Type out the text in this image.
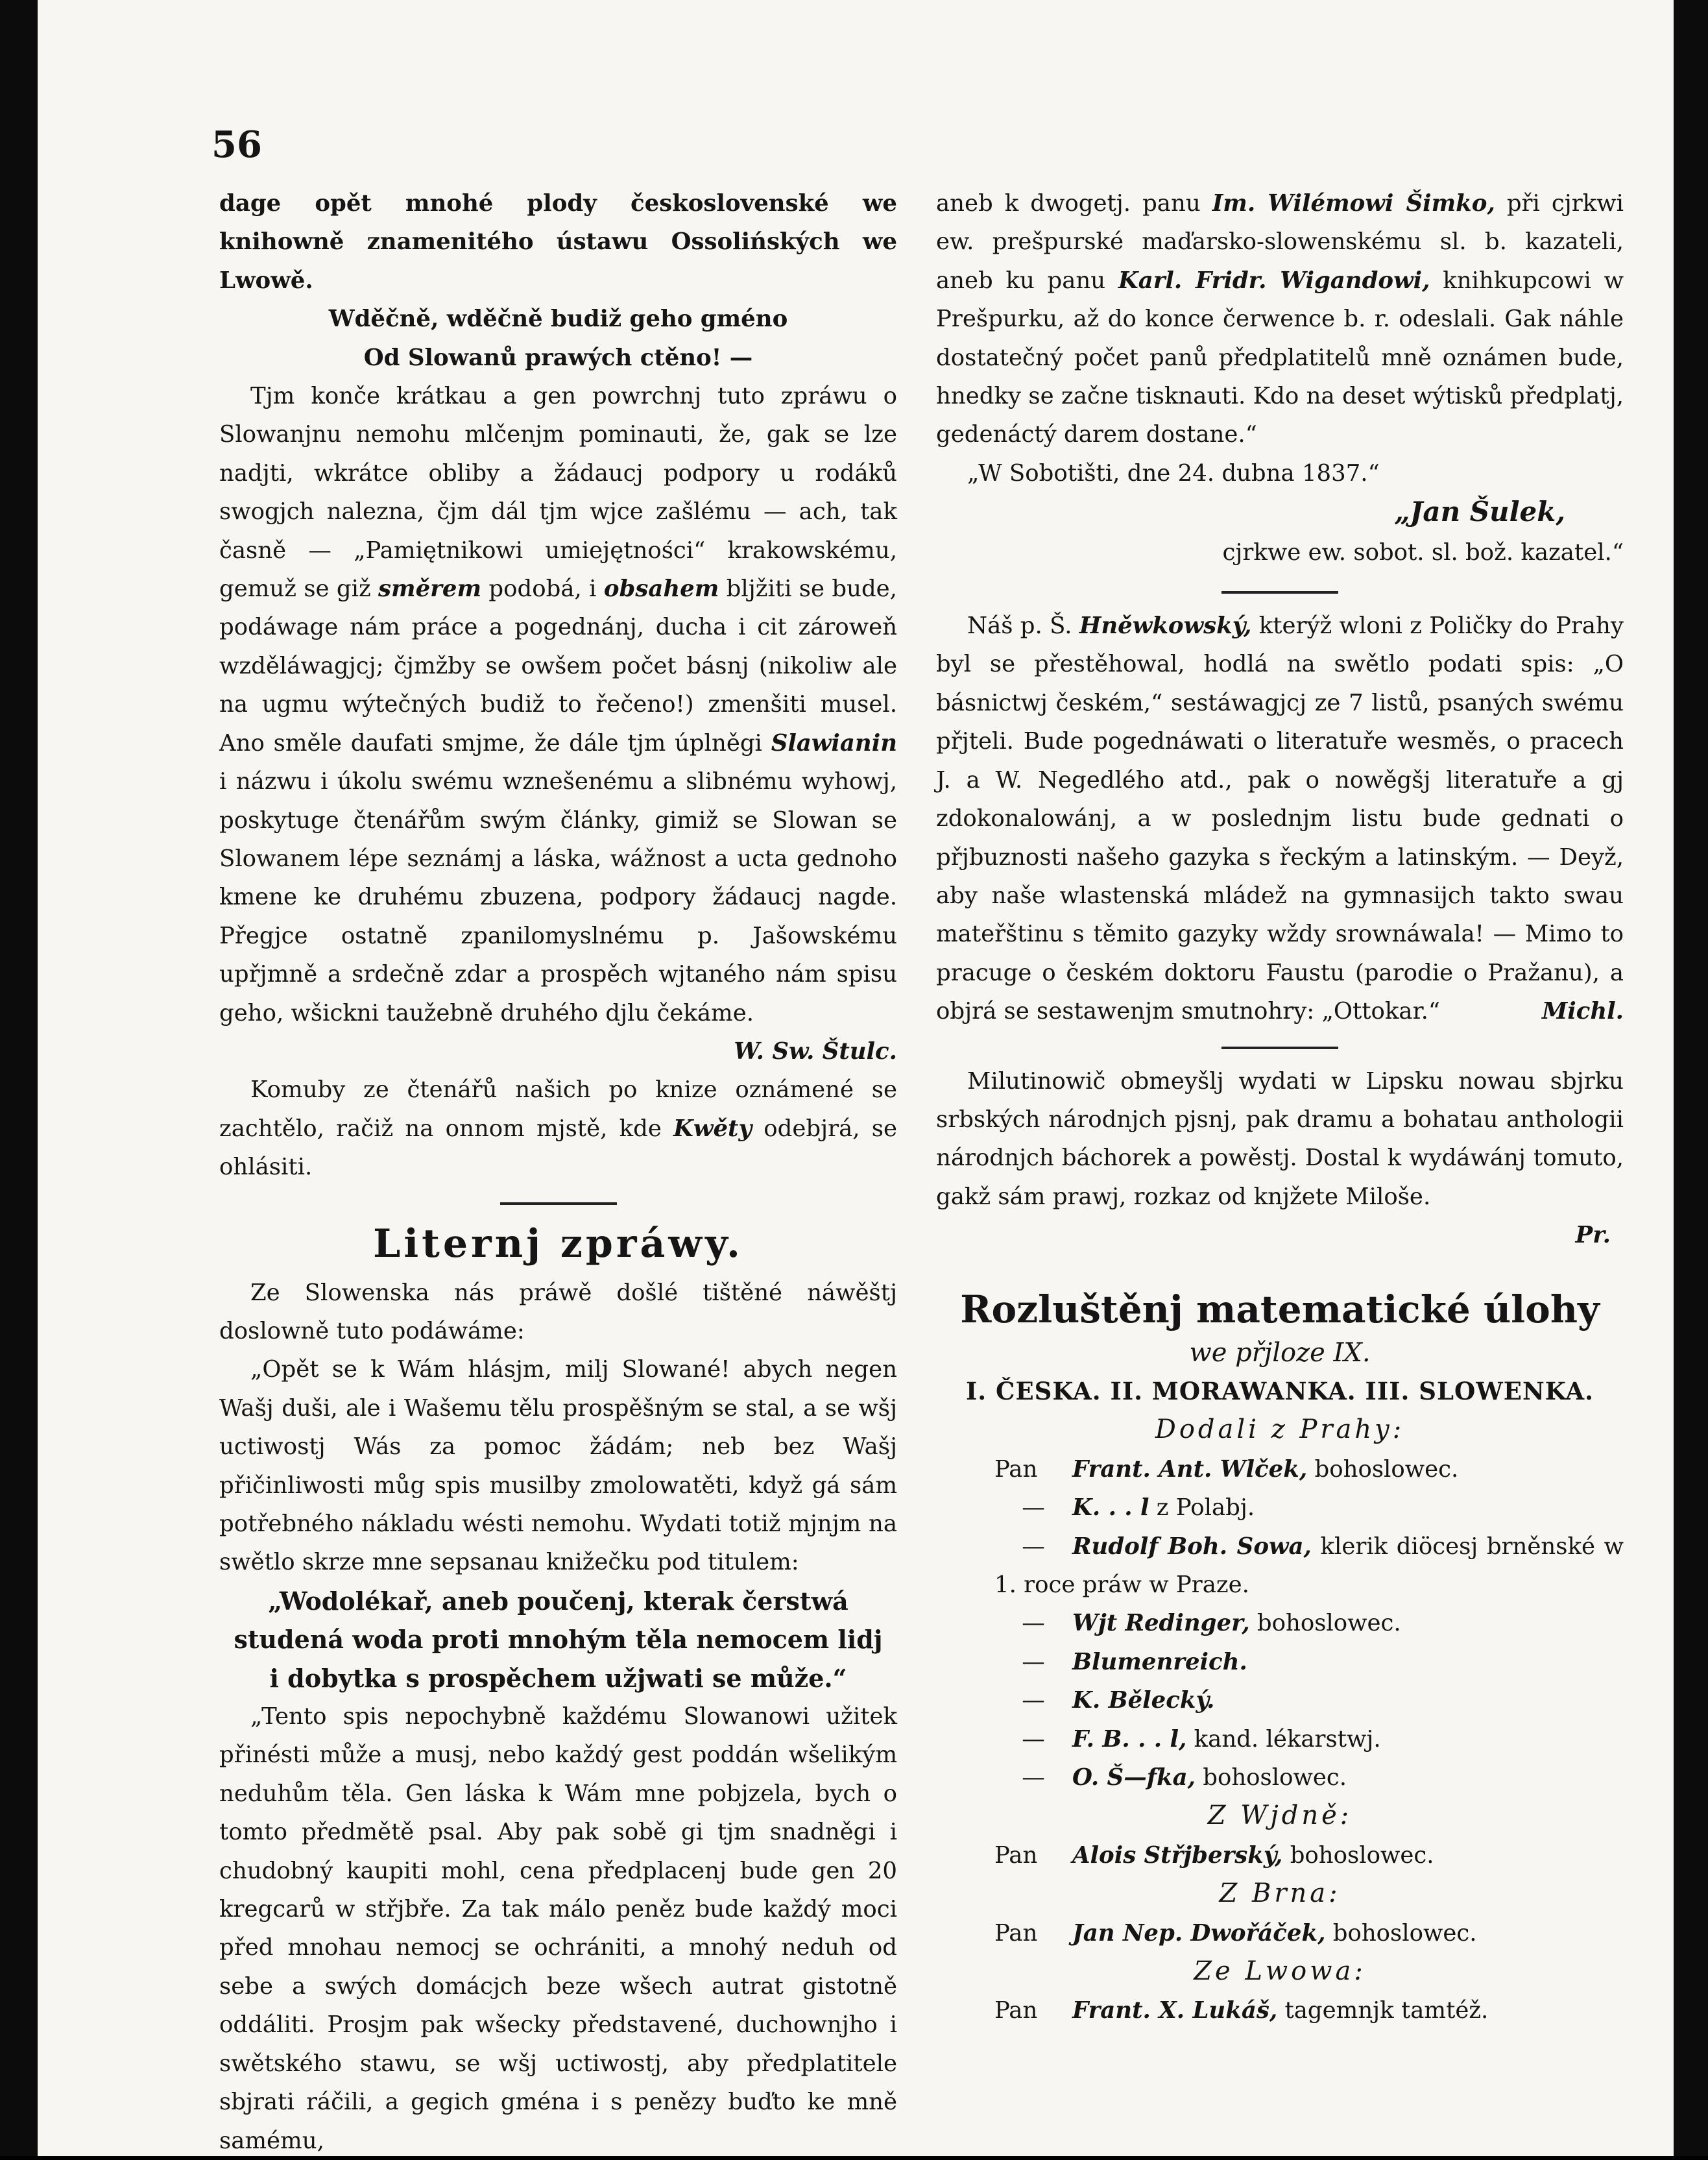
56

dage opět mnohé plody československé we knihowně znamenitého ústawu Ossolińských we Lwowě.

Wděčně, wděčně budiž geho gméno

Od Slowanů prawých ctěno! —

Tjm konče krátkau a gen powrchnj tuto zpráwu o Slowanjnu nemohu mlčenjm pominauti, že, gak se lze nadjti, wkrátce obliby a žádaucj podpory u rodáků swogjch nalezna, čjm dál tjm wjce zašlému — ach, tak časně — „Pamiętnikowi umiejętności“ krakowskému, gemuž se giž směrem podobá, i obsahem bljžiti se bude, podáwage nám práce a pogednánj, ducha i cit zároweň wzděláwagjcj; čjmžby se owšem počet básnj (nikoliw ale na ugmu wýtečných budiž to řečeno!) zmenšiti musel. Ano směle daufati smjme, že dále tjm úplněgi Slawianin i názwu i úkolu swému wznešenému a slibnému wyhowj, poskytuge čtenářům swým články, gimiž se Slowan se Slowanem lépe seznámj a láska, wážnost a ucta gednoho kmene ke druhému zbuzena, podpory žádaucj nagde. Přegjce ostatně zpanilomyslnému p. Jašowskému upřjmně a srdečně zdar a prospěch wjtaného nám spisu geho, wšickni taužebně druhého djlu čekáme.
W. Sw. Štulc.

Komuby ze čtenářů našich po knize oznámené se zachtělo, račiž na onnom mjstě, kde Kwěty odebjrá, se ohlásiti.

Liternj zpráwy.

Ze Slowenska nás práwě došlé tištěné náwěštj doslowně tuto podáwáme:

„Opět se k Wám hlásjm, milj Slowané! abych negen Wašj duši, ale i Wašemu tělu prospěšným se stal, a se wšj uctiwostj Wás za pomoc žádám; neb bez Wašj přičinliwosti můg spis musilby zmolowatěti, když gá sám potřebného nákladu wésti nemohu. Wydati totiž mjnjm na swětlo skrze mne sepsanau knižečku pod titulem:

„Wodolékař, aneb poučenj, kterak čerstwá studená woda proti mnohým těla nemocem lidj i dobytka s prospěchem užjwati se může.“

„Tento spis nepochybně každému Slowanowi užitek přinésti může a musj, nebo každý gest poddán wšelikým neduhům těla. Gen láska k Wám mne pobjzela, bych o tomto předmětě psal. Aby pak sobě gi tjm snadněgi i chudobný kaupiti mohl, cena předplacenj bude gen 20 kregcarů w střjbře. Za tak málo peněz bude každý moci před mnohau nemocj se ochrániti, a mnohý neduh od sebe a swých domácjch beze wšech autrat gistotně oddáliti. Prosjm pak wšecky představené, duchownjho i swětského stawu, se wšj uctiwostj, aby předplatitele sbjrati ráčili, a gegich gména i s penězy buďto ke mně samému,

aneb k dwogetj. panu Im. Wilémowi Šimko, při cjrkwi ew. prešpurské maďarsko-slowenskému sl. b. kazateli, aneb ku panu Karl. Fridr. Wigandowi, knihkupcowi w Prešpurku, až do konce čerwence b. r. odeslali. Gak náhle dostatečný počet panů předplatitelů mně oznámen bude, hnedky se začne tisknauti. Kdo na deset wýtisků předplatj, gedenáctý darem dostane.“

„W Sobotišti, dne 24. dubna 1837.“

„Jan Šulek,

cjrkwe ew. sobot. sl. bož. kazatel.“

Náš p. Š. Hněwkowský, kterýž wloni z Poličky do Prahy byl se přestěhowal, hodlá na swětlo podati spis: „O básnictwj českém,“ sestáwagjcj ze 7 listů, psaných swému přjteli. Bude pogednáwati o literatuře wesměs, o pracech J. a W. Negedlého atd., pak o nowěgšj literatuře a gj zdokonalowánj, a w poslednjm listu bude gednati o přjbuznosti našeho gazyka s řeckým a latinským. — Deyž, aby naše wlastenská mládež na gymnasijch takto swau mateřštinu s těmito gazyky wždy srownáwala! — Mimo to pracuge o českém doktoru Faustu (parodie o Pražanu), a objrá se sestawenjm smutnohry: „Ottokar.“	Michl.

Milutinowič obmeyšlj wydati w Lipsku nowau sbjrku srbských národnjch pjsnj, pak dramu a bohatau anthologii národnjch báchorek a powěstj. Dostal k wydáwánj tomuto, gakž sám prawj, rozkaz od knjžete Miloše.

Pr.

Rozluštěnj matematické úlohy

we přjloze IX.

I. ČESKA. II. MORAWANKA. III. SLOWENKA.

Dodali z Prahy:

Pan Frant. Ant. Wlček, bohoslowec.

— K. . . l z Polabj.

— Rudolf Boh. Sowa, klerik diöcesj brněnské w 1. roce práw w Praze.

— Wjt Redinger, bohoslowec.

— Blumenreich.

— K. Bělecký.

— F. B. . . l, kand. lékarstwj.

— O. Š—fka, bohoslowec.

Z Wjdně:

Pan Alois Střjberský, bohoslowec.

Z Brna:

Pan Jan Nep. Dwořáček, bohoslowec.

Ze Lwowa:

Pan Frant. X. Lukáš, tagemnjk tamtéž.
